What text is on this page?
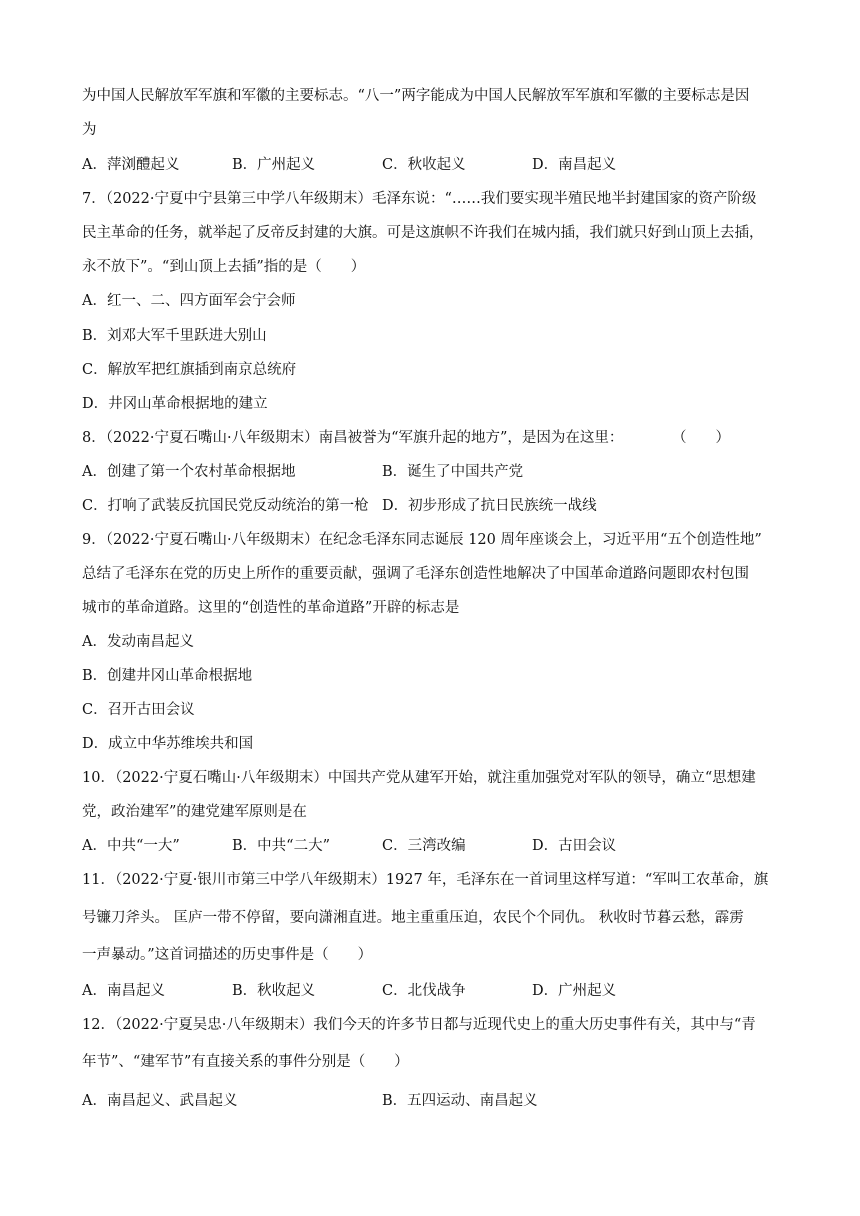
为中国人民解放军军旗和军徽的主要标志。“八一”两字能成为中国人民解放军军旗和军徽的主要标志是因
为
A．萍浏醴起义	B．广州起义	C．秋收起义	D．南昌起义
7．（2022·宁夏中宁县第三中学八年级期末）毛泽东说：“……我们要实现半殖民地半封建国家的资产阶级
民主革命的任务，就举起了反帝反封建的大旗。可是这旗帜不许我们在城内插，我们就只好到山顶上去插，
永不放下”。“到山顶上去插”指的是（　　）
A．红一、二、四方面军会宁会师
B．刘邓大军千里跃进大别山
C．解放军把红旗插到南京总统府
D．井冈山革命根据地的建立
8．（2022·宁夏石嘴山·八年级期末）南昌被誉为“军旗升起的地方”，是因为在这里：	（　　）
A．创建了第一个农村革命根据地	B．诞生了中国共产党
C．打响了武装反抗国民党反动统治的第一枪 D．初步形成了抗日民族统一战线
9．（2022·宁夏石嘴山·八年级期末）在纪念毛泽东同志诞辰 120 周年座谈会上，习近平用“五个创造性地”
总结了毛泽东在党的历史上所作的重要贡献，强调了毛泽东创造性地解决了中国革命道路问题即农村包围
城市的革命道路。这里的“创造性的革命道路”开辟的标志是
A．发动南昌起义
B．创建井冈山革命根据地
C．召开古田会议
D．成立中华苏维埃共和国
10．（2022·宁夏石嘴山·八年级期末）中国共产党从建军开始，就注重加强党对军队的领导，确立“思想建
党，政治建军”的建党建军原则是在
A．中共“一大”	B．中共“二大”	C．三湾改编	D．古田会议
11．（2022·宁夏·银川市第三中学八年级期末）1927 年，毛泽东在一首词里这样写道：“军叫工农革命，旗
号镰刀斧头。 匡庐一带不停留，要向潇湘直进。地主重重压迫，农民个个同仇。 秋收时节暮云愁，霹雳
一声暴动。”这首词描述的历史事件是（　　）
A．南昌起义	B．秋收起义	C．北伐战争	D．广州起义
12．（2022·宁夏吴忠·八年级期末）我们今天的许多节日都与近现代史上的重大历史事件有关，其中与“青
年节”、“建军节”有直接关系的事件分别是（　　）
A．南昌起义、武昌起义	B．五四运动、南昌起义
